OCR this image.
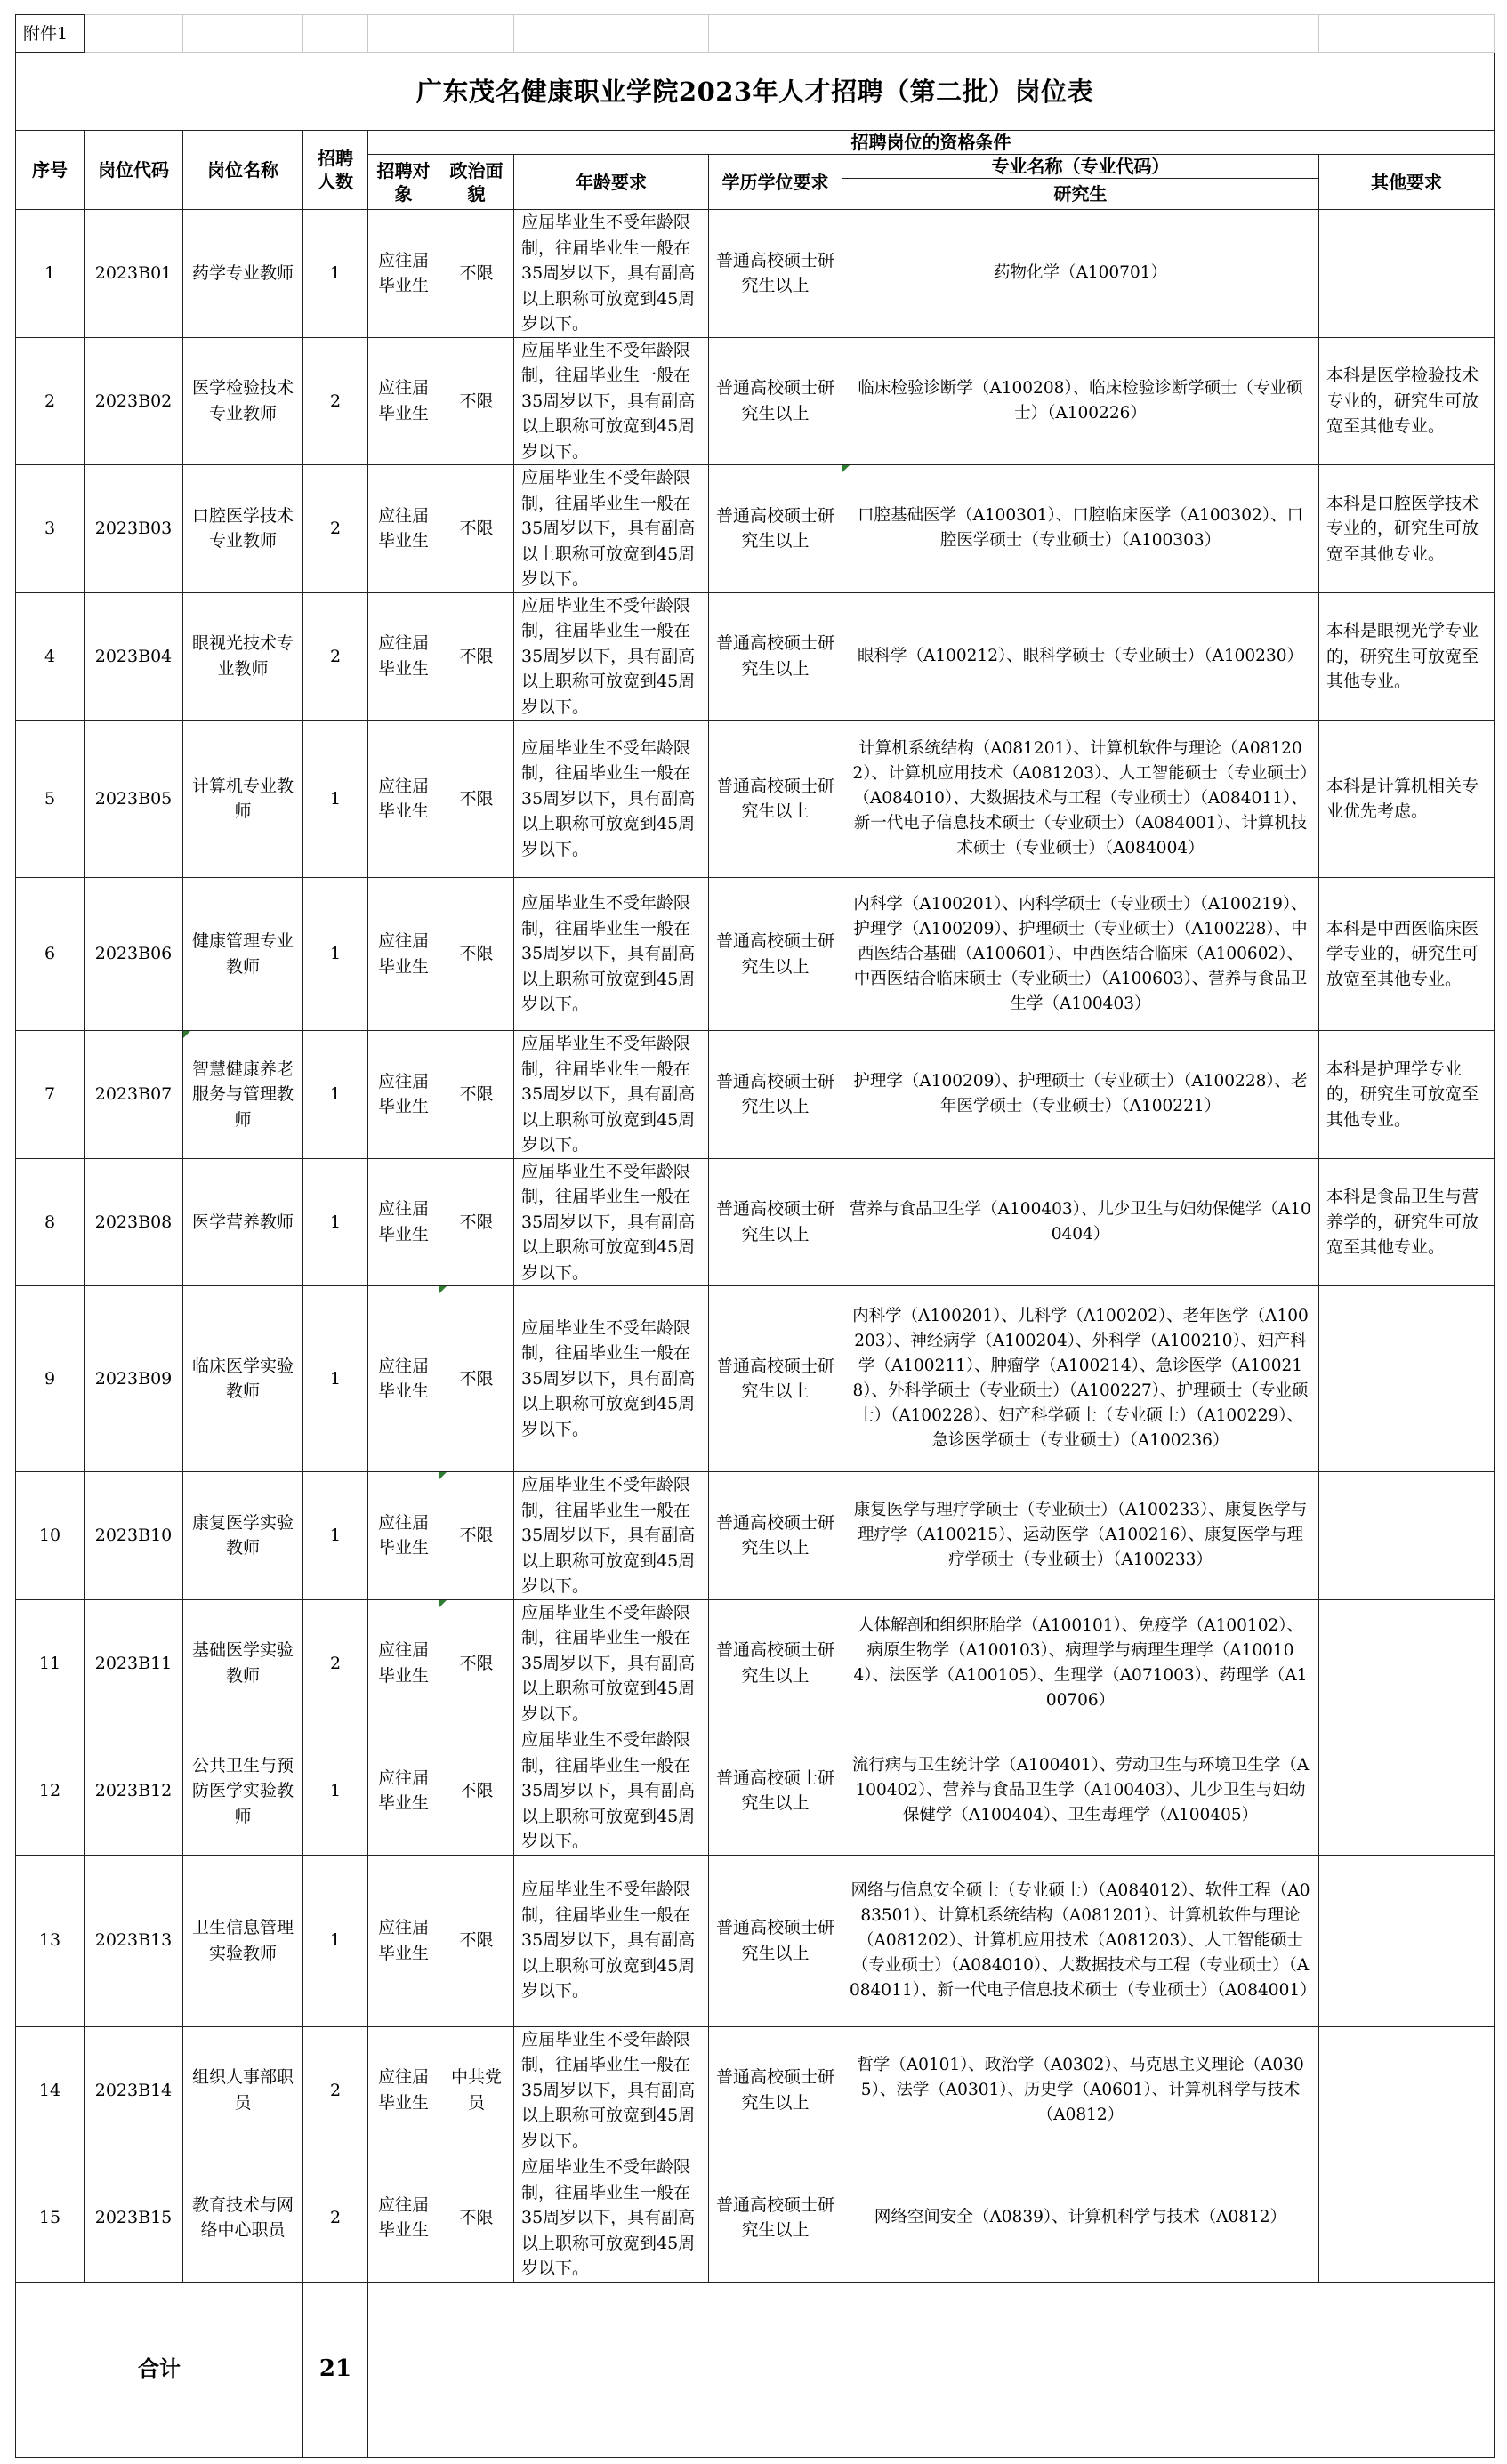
附件1									
广东茂名健康职业学院2023年人才招聘（第二批）岗位表									
序号	岗位代码	岗位名称	招聘人数	招聘岗位的资格条件					
				招聘对象	政治面貌	年龄要求	学历学位要求	专业名称（专业代码）	其他要求
								研究生	
1	2023B01	药学专业教师	1	应往届毕业生	不限	应届毕业生不受年龄限制，往届毕业生一般在35周岁以下，具有副高以上职称可放宽到45周岁以下。	普通高校硕士研究生以上	药物化学（A100701）	
2	2023B02	医学检验技术专业教师	2	应往届毕业生	不限	应届毕业生不受年龄限制，往届毕业生一般在35周岁以下，具有副高以上职称可放宽到45周岁以下。	普通高校硕士研究生以上	临床检验诊断学（A100208）、临床检验诊断学硕士（专业硕士）（A100226）	本科是医学检验技术专业的，研究生可放宽至其他专业。
3	2023B03	口腔医学技术专业教师	2	应往届毕业生	不限	应届毕业生不受年龄限制，往届毕业生一般在35周岁以下，具有副高以上职称可放宽到45周岁以下。	普通高校硕士研究生以上	口腔基础医学（A100301）、口腔临床医学（A100302）、口腔医学硕士（专业硕士）（A100303）	本科是口腔医学技术专业的，研究生可放宽至其他专业。
4	2023B04	眼视光技术专业教师	2	应往届毕业生	不限	应届毕业生不受年龄限制，往届毕业生一般在35周岁以下，具有副高以上职称可放宽到45周岁以下。	普通高校硕士研究生以上	眼科学（A100212）、眼科学硕士（专业硕士）（A100230）	本科是眼视光学专业的，研究生可放宽至其他专业。
5	2023B05	计算机专业教师	1	应往届毕业生	不限	应届毕业生不受年龄限制，往届毕业生一般在35周岁以下，具有副高以上职称可放宽到45周岁以下。	普通高校硕士研究生以上	计算机系统结构（A081201）、计算机软件与理论（A081202）、计算机应用技术（A081203）、人工智能硕士（专业硕士）（A084010）、大数据技术与工程（专业硕士）（A084011）、新一代电子信息技术硕士（专业硕士）（A084001）、计算机技术硕士（专业硕士）（A084004）	本科是计算机相关专业优先考虑。
6	2023B06	健康管理专业教师	1	应往届毕业生	不限	应届毕业生不受年龄限制，往届毕业生一般在35周岁以下，具有副高以上职称可放宽到45周岁以下。	普通高校硕士研究生以上	内科学（A100201）、内科学硕士（专业硕士）（A100219）、护理学（A100209）、护理硕士（专业硕士）（A100228）、中西医结合基础（A100601）、中西医结合临床（A100602）、中西医结合临床硕士（专业硕士）（A100603）、营养与食品卫生学（A100403）	本科是中西医临床医学专业的，研究生可放宽至其他专业。
7	2023B07	智慧健康养老服务与管理教师	1	应往届毕业生	不限	应届毕业生不受年龄限制，往届毕业生一般在35周岁以下，具有副高以上职称可放宽到45周岁以下。	普通高校硕士研究生以上	护理学（A100209）、护理硕士（专业硕士）（A100228）、老年医学硕士（专业硕士）（A100221）	本科是护理学专业的，研究生可放宽至其他专业。
8	2023B08	医学营养教师	1	应往届毕业生	不限	应届毕业生不受年龄限制，往届毕业生一般在35周岁以下，具有副高以上职称可放宽到45周岁以下。	普通高校硕士研究生以上	营养与食品卫生学（A100403）、儿少卫生与妇幼保健学（A100404）	本科是食品卫生与营养学的，研究生可放宽至其他专业。
9	2023B09	临床医学实验教师	1	应往届毕业生	不限	应届毕业生不受年龄限制，往届毕业生一般在35周岁以下，具有副高以上职称可放宽到45周岁以下。	普通高校硕士研究生以上	内科学（A100201）、儿科学（A100202）、老年医学（A100203）、神经病学（A100204）、外科学（A100210）、妇产科学（A100211）、肿瘤学（A100214）、急诊医学（A100218）、外科学硕士（专业硕士）（A100227）、护理硕士（专业硕士）（A100228）、妇产科学硕士（专业硕士）（A100229）、急诊医学硕士（专业硕士）（A100236）	
10	2023B10	康复医学实验教师	1	应往届毕业生	不限	应届毕业生不受年龄限制，往届毕业生一般在35周岁以下，具有副高以上职称可放宽到45周岁以下。	普通高校硕士研究生以上	康复医学与理疗学硕士（专业硕士）（A100233）、康复医学与理疗学（A100215）、运动医学（A100216）、康复医学与理疗学硕士（专业硕士）（A100233）	
11	2023B11	基础医学实验教师	2	应往届毕业生	不限	应届毕业生不受年龄限制，往届毕业生一般在35周岁以下，具有副高以上职称可放宽到45周岁以下。	普通高校硕士研究生以上	人体解剖和组织胚胎学（A100101）、免疫学（A100102）、病原生物学（A100103）、病理学与病理生理学（A100104）、法医学（A100105）、生理学（A071003）、药理学（A100706）	
12	2023B12	公共卫生与预防医学实验教师	1	应往届毕业生	不限	应届毕业生不受年龄限制，往届毕业生一般在35周岁以下，具有副高以上职称可放宽到45周岁以下。	普通高校硕士研究生以上	流行病与卫生统计学（A100401）、劳动卫生与环境卫生学（A100402）、营养与食品卫生学（A100403）、儿少卫生与妇幼保健学（A100404）、卫生毒理学（A100405）	
13	2023B13	卫生信息管理实验教师	1	应往届毕业生	不限	应届毕业生不受年龄限制，往届毕业生一般在35周岁以下，具有副高以上职称可放宽到45周岁以下。	普通高校硕士研究生以上	网络与信息安全硕士（专业硕士）（A084012）、软件工程（A083501）、计算机系统结构（A081201）、计算机软件与理论（A081202）、计算机应用技术（A081203）、人工智能硕士（专业硕士）（A084010）、大数据技术与工程（专业硕士）（A084011）、新一代电子信息技术硕士（专业硕士）（A084001）	
14	2023B14	组织人事部职员	2	应往届毕业生	中共党员	应届毕业生不受年龄限制，往届毕业生一般在35周岁以下，具有副高以上职称可放宽到45周岁以下。	普通高校硕士研究生以上	哲学（A0101）、政治学（A0302）、马克思主义理论（A0305）、法学（A0301）、历史学（A0601）、计算机科学与技术（A0812）	
15	2023B15	教育技术与网络中心职员	2	应往届毕业生	不限	应届毕业生不受年龄限制，往届毕业生一般在35周岁以下，具有副高以上职称可放宽到45周岁以下。	普通高校硕士研究生以上	网络空间安全（A0839）、计算机科学与技术（A0812）	
合计			21						
